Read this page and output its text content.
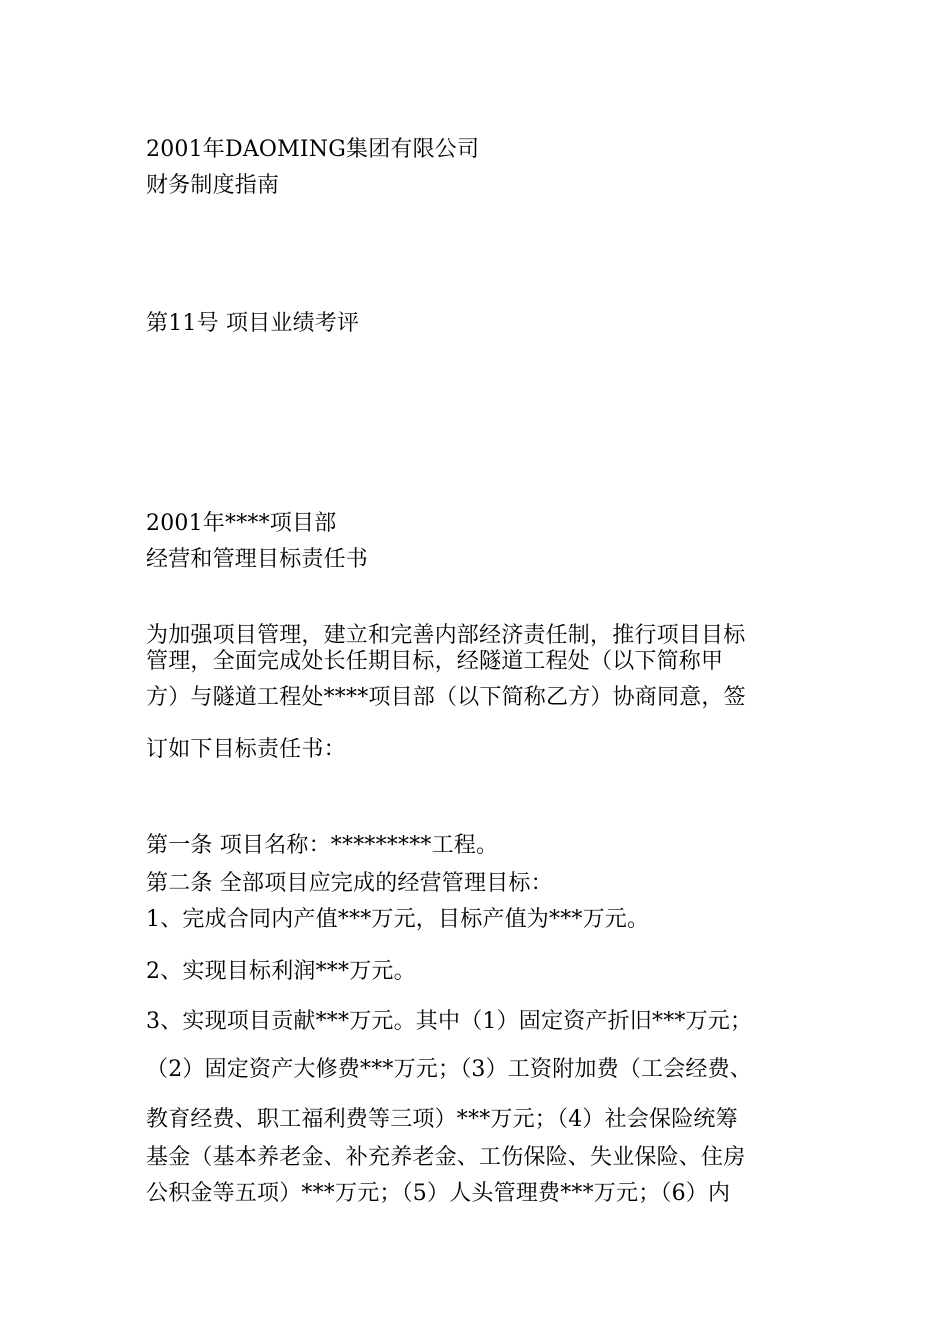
2001年DAOMING集团有限公司
财务制度指南
第11号 项目业绩考评
2001年****项目部
经营和管理目标责任书
为加强项目管理，建立和完善内部经济责任制，推行项目目标
管理，全面完成处长任期目标，经隧道工程处（以下简称甲
方）与隧道工程处****项目部（以下简称乙方）协商同意，签
订如下目标责任书：
第一条 项目名称：*********工程。
第二条 全部项目应完成的经营管理目标：
1、完成合同内产值***万元，目标产值为***万元。
2、实现目标利润***万元。
3、实现项目贡献***万元。其中（1）固定资产折旧***万元；
（2）固定资产大修费***万元；（3）工资附加费（工会经费、
教育经费、职工福利费等三项）***万元；（4）社会保险统筹
基金（基本养老金、补充养老金、工伤保险、失业保险、住房
公积金等五项）***万元；（5）人头管理费***万元；（6）内
